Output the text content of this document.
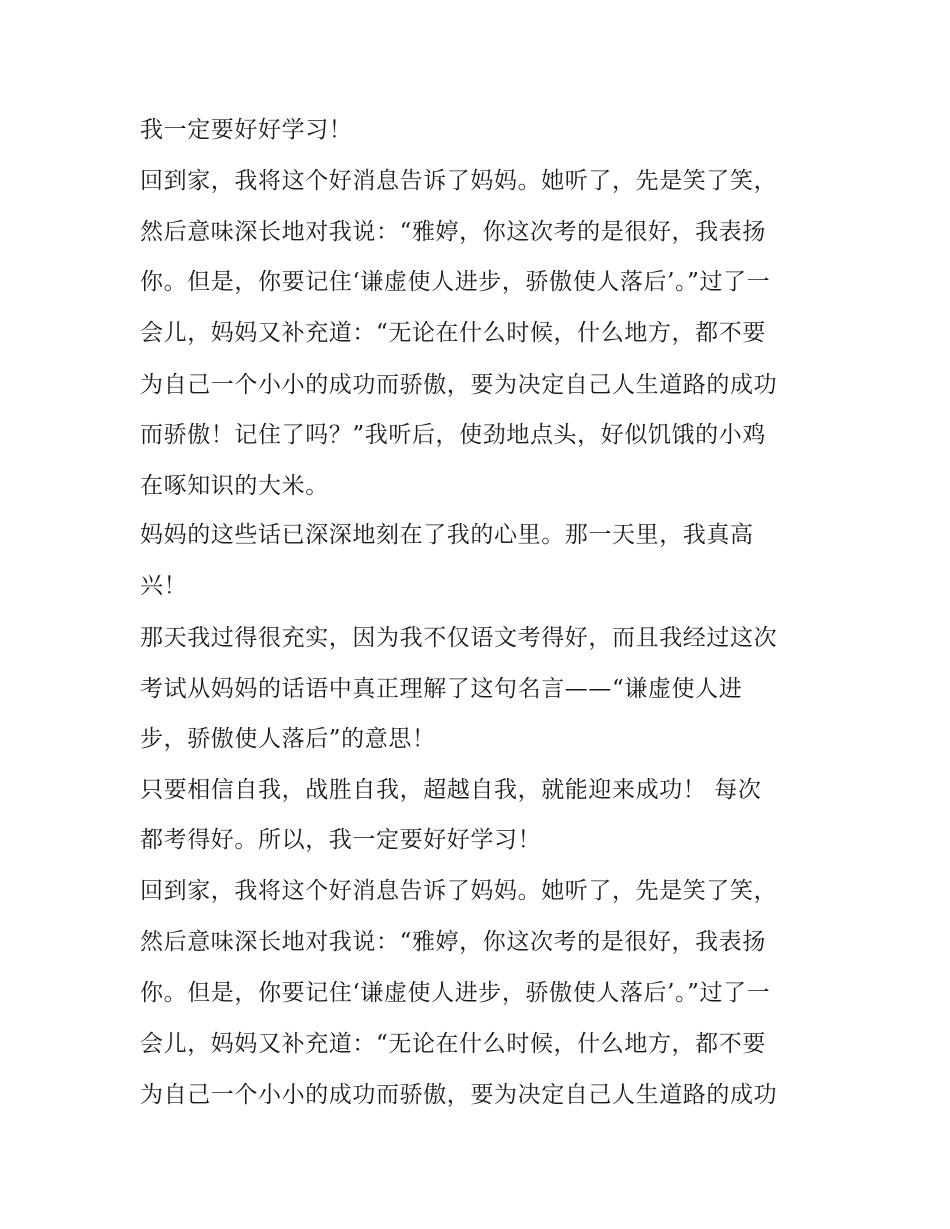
我一定要好好学习！
回到家，我将这个好消息告诉了妈妈。她听了，先是笑了笑，
然后意味深长地对我说：“雅婷，你这次考的是很好，我表扬
你。但是，你要记住‘谦虚使人进步，骄傲使人落后’。”过了一
会儿，妈妈又补充道：“无论在什么时候，什么地方，都不要
为自己一个小小的成功而骄傲，要为决定自己人生道路的成功
而骄傲！记住了吗？”我听后，使劲地点头，好似饥饿的小鸡
在啄知识的大米。
妈妈的这些话已深深地刻在了我的心里。那一天里，我真高
兴！
那天我过得很充实，因为我不仅语文考得好，而且我经过这次
考试从妈妈的话语中真正理解了这句名言——“谦虚使人进
步，骄傲使人落后”的意思！
只要相信自我，战胜自我，超越自我，就能迎来成功！ 每次
都考得好。所以，我一定要好好学习！
回到家，我将这个好消息告诉了妈妈。她听了，先是笑了笑，
然后意味深长地对我说：“雅婷，你这次考的是很好，我表扬
你。但是，你要记住‘谦虚使人进步，骄傲使人落后’。”过了一
会儿，妈妈又补充道：“无论在什么时候，什么地方，都不要
为自己一个小小的成功而骄傲，要为决定自己人生道路的成功
